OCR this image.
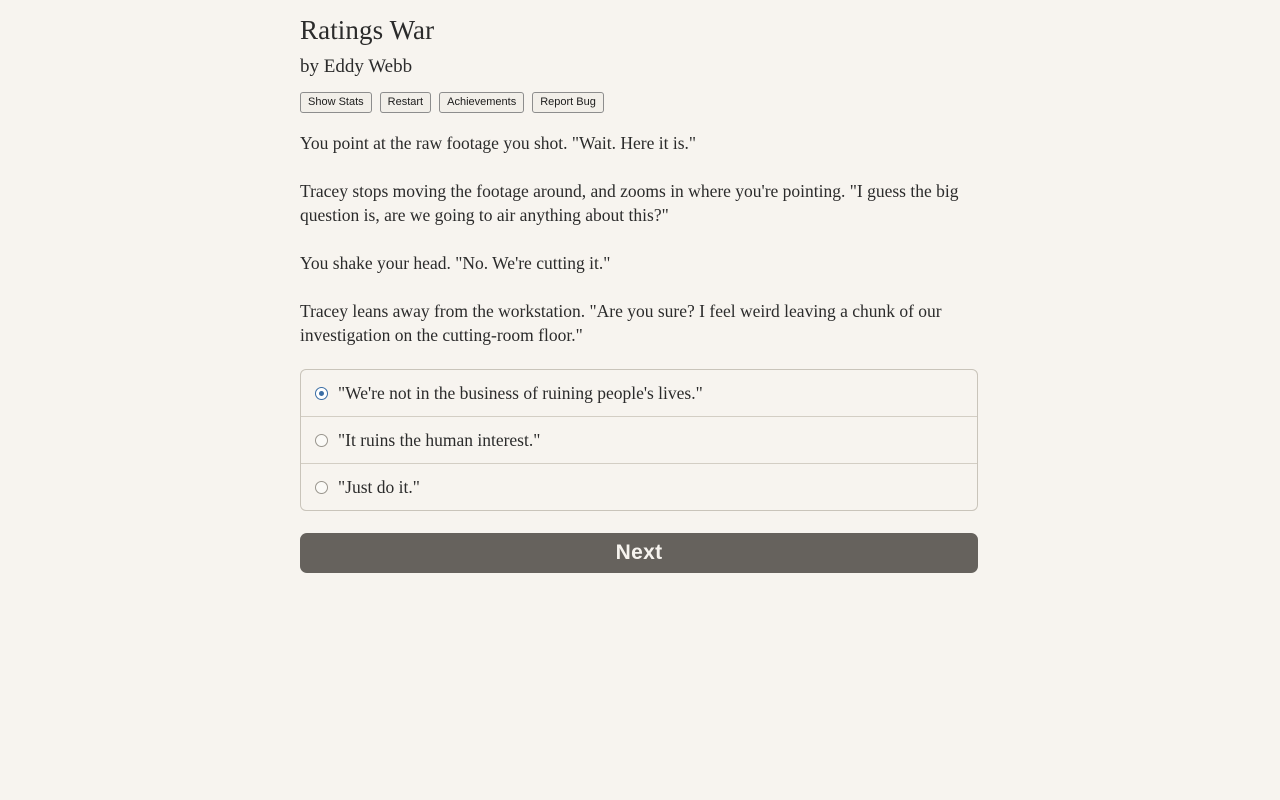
Ratings War
by Eddy Webb
Show Stats	Restart	Achievements	Report Bug

You point at the raw footage you shot. "Wait. Here it is."

Tracey stops moving the footage around, and zooms in where you're pointing. "I guess the big question is, are we going to air anything about this?"

You shake your head. "No. We're cutting it."

Tracey leans away from the workstation. "Are you sure? I feel weird leaving a chunk of our investigation on the cutting-room floor."

"We're not in the business of ruining people's lives."
"It ruins the human interest."
"Just do it."
Next
